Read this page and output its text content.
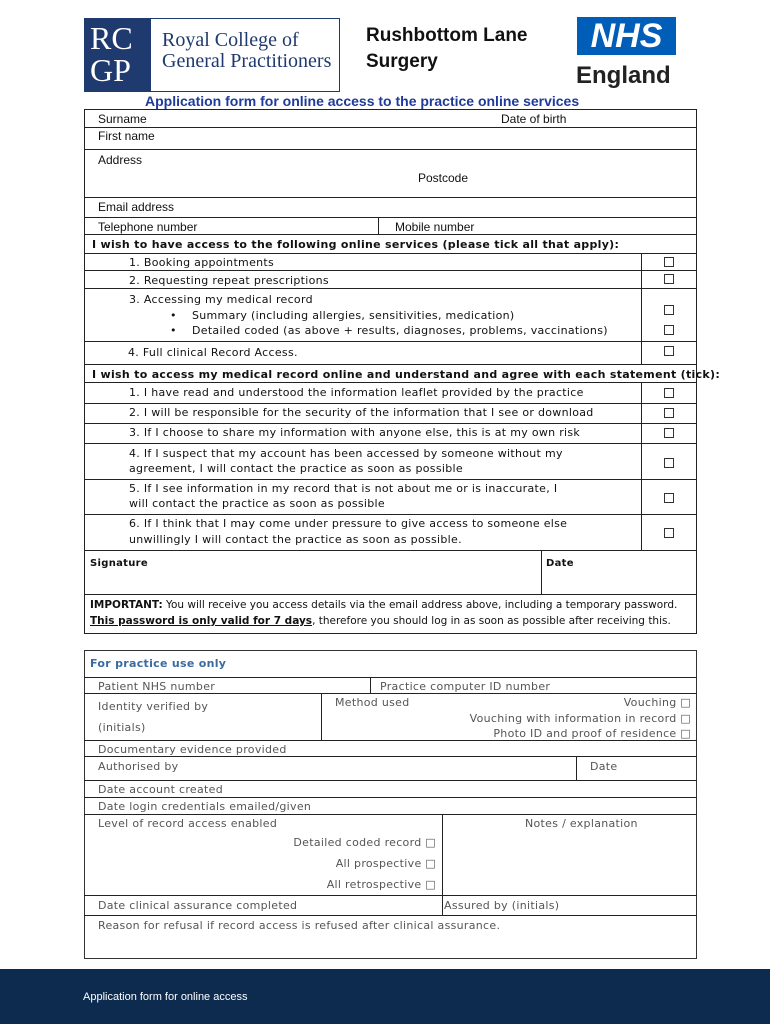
RC
GP
Royal College of
General Practitioners
Rushbottom Lane
Surgery
NHS
England
Application form for online access to the practice online services
Surname	Date of birth
First name
Address
Postcode
Email address
Telephone number	Mobile number
I wish to have access to the following online services (please tick all that apply):
1. Booking appointments
2. Requesting repeat prescriptions
3. Accessing my medical record
•    Summary (including allergies, sensitivities, medication)
•    Detailed coded (as above + results, diagnoses, problems, vaccinations)
4. Full clinical Record Access.
I wish to access my medical record online and understand and agree with each statement (tick):
1. I have read and understood the information leaflet provided by the practice
2. I will be responsible for the security of the information that I see or download
3. If I choose to share my information with anyone else, this is at my own risk
4. If I suspect that my account has been accessed by someone without my
agreement, I will contact the practice as soon as possible
5. If I see information in my record that is not about me or is inaccurate, I
will contact the practice as soon as possible
6. If I think that I may come under pressure to give access to someone else
unwillingly I will contact the practice as soon as possible.
Signature	Date
IMPORTANT: You will receive you access details via the email address above, including a temporary password.
This password is only valid for 7 days, therefore you should log in as soon as possible after receiving this.
For practice use only
Patient NHS number	Practice computer ID number
Identity verified by
(initials)
Method used	Vouching □
Vouching with information in record □
Photo ID and proof of residence □
Documentary evidence provided
Authorised by	Date
Date account created
Date login credentials emailed/given
Level of record access enabled	Notes / explanation
Detailed coded record □
All prospective □
All retrospective □
Date clinical assurance completed	Assured by (initials)
Reason for refusal if record access is refused after clinical assurance.
Application form for online access
